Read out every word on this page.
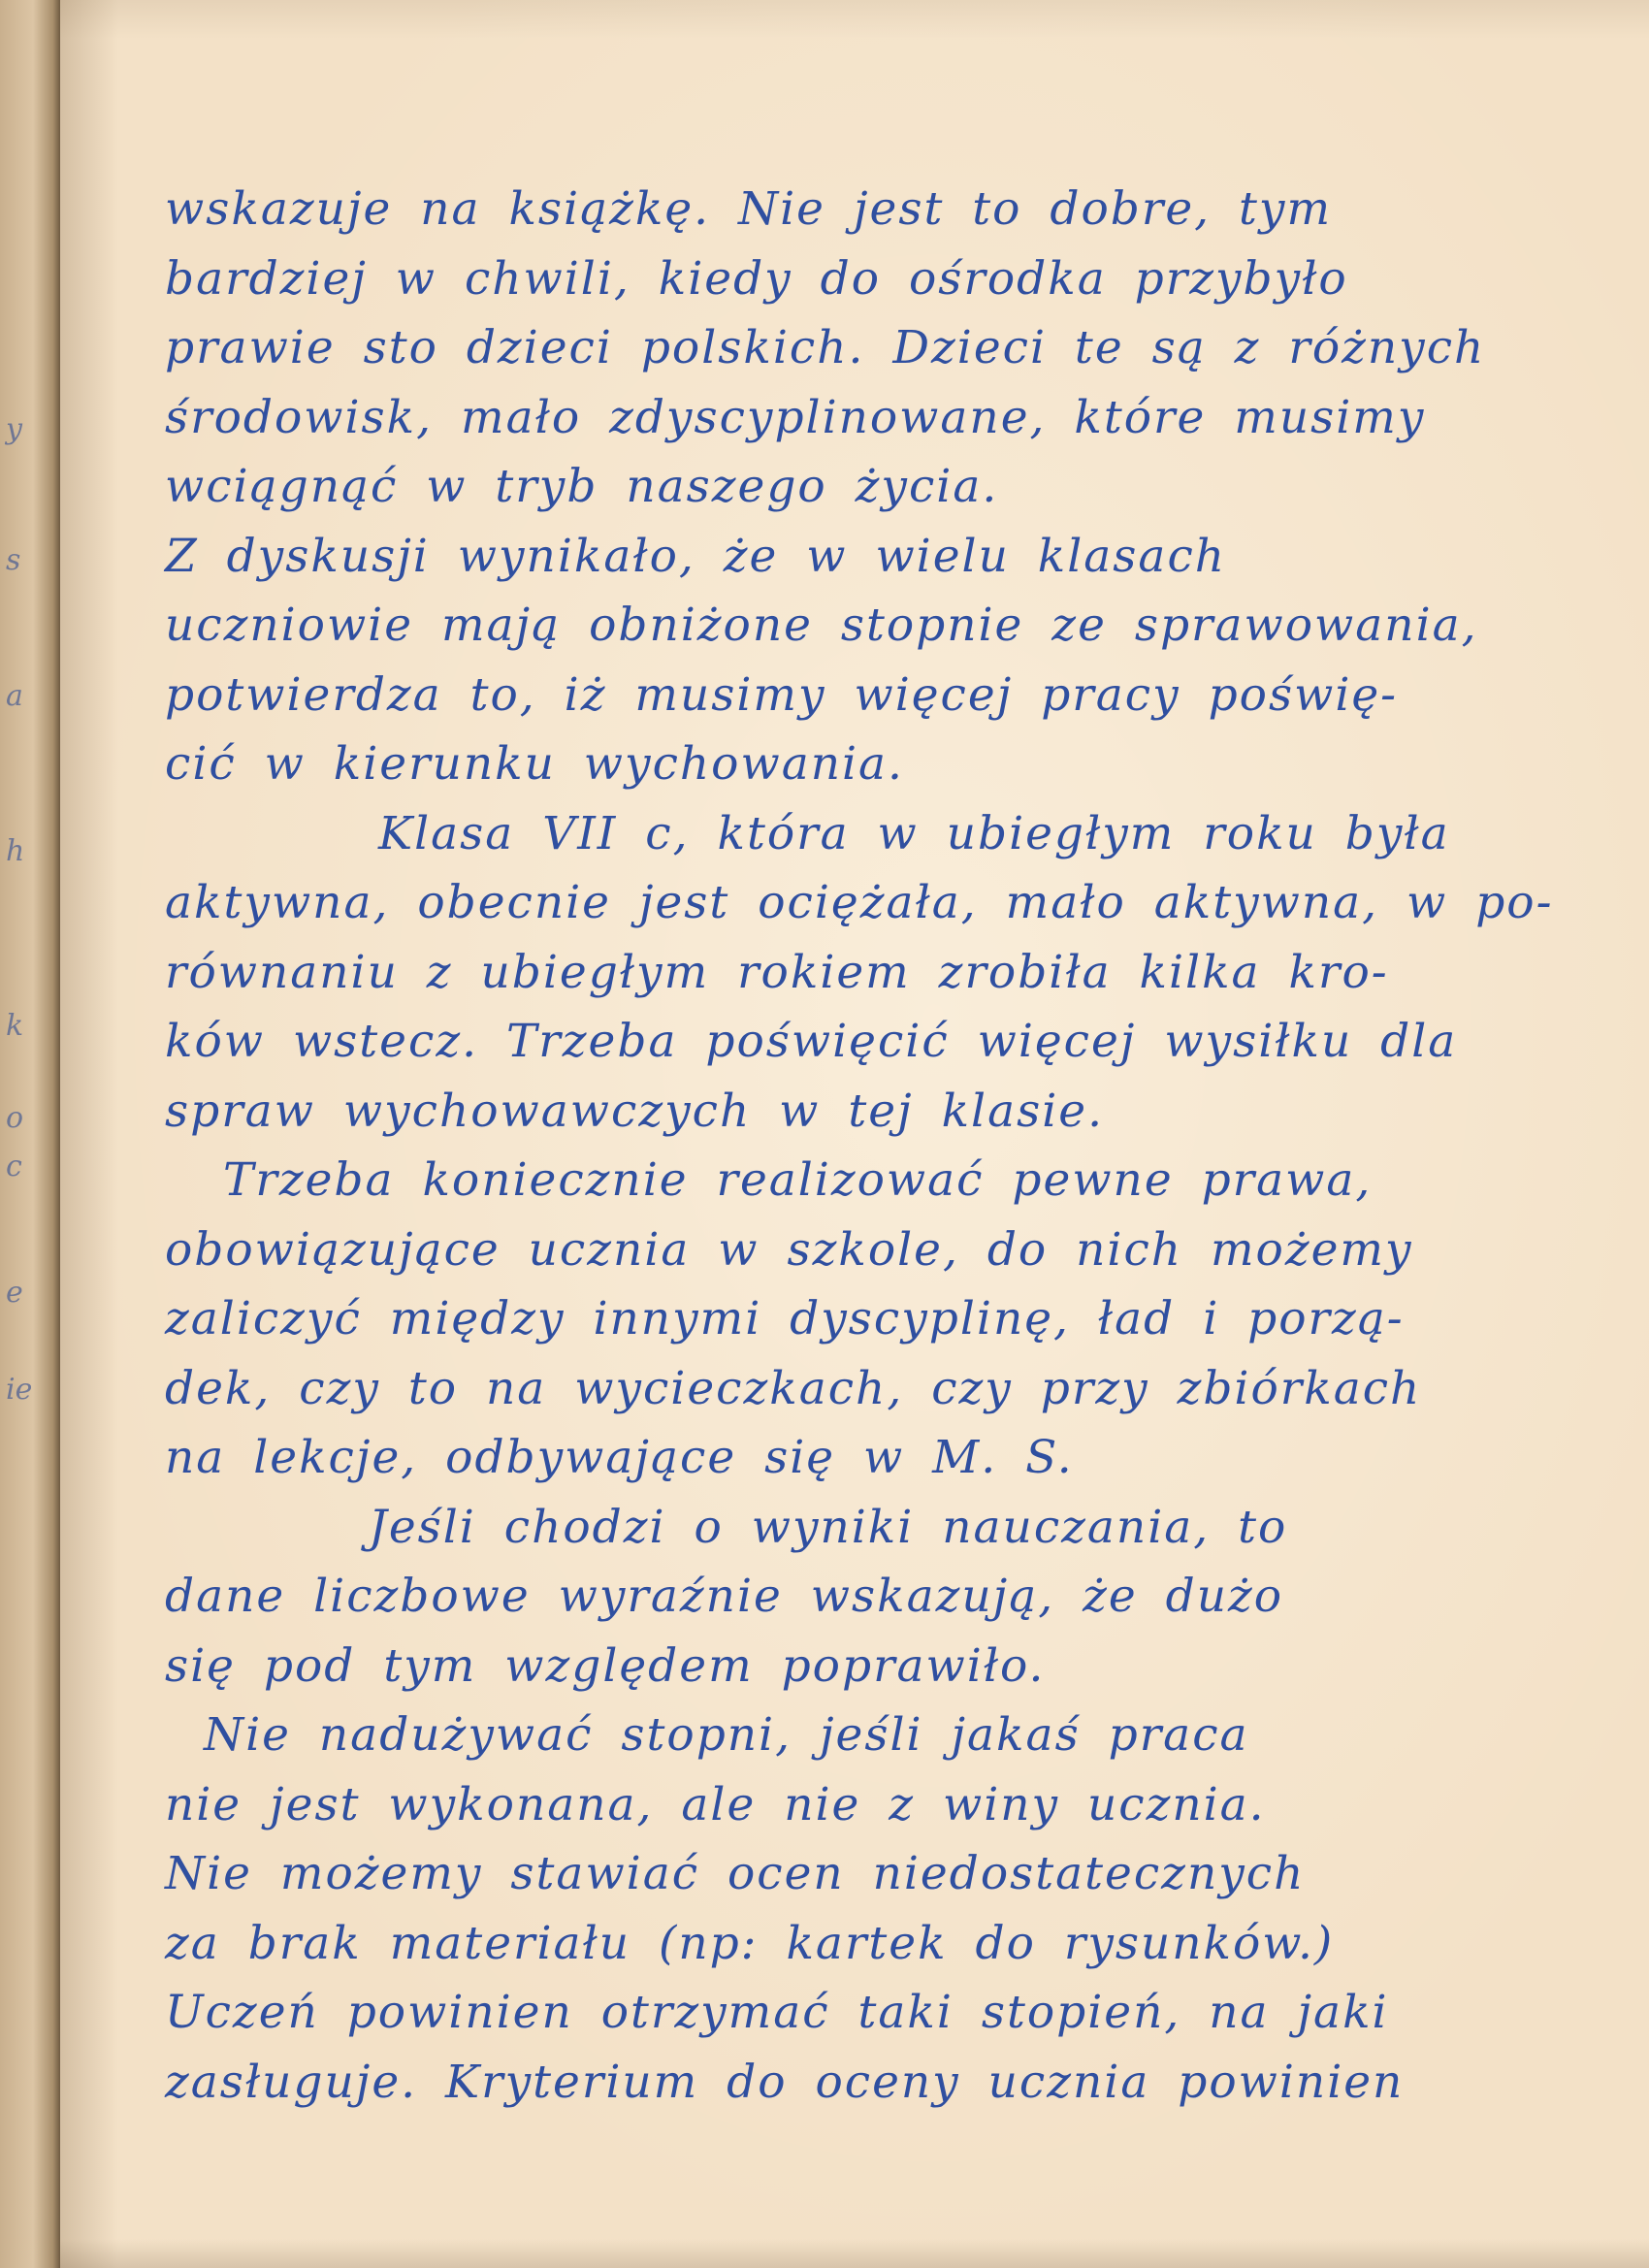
y
s
a
h
k
o
c
e
ie
wskazuje na książkę. Nie jest to dobre, tym
bardziej w chwili, kiedy do ośrodka przybyło
prawie sto dzieci polskich. Dzieci te są z różnych
środowisk, mało zdyscyplinowane, które musimy
wciągnąć w tryb naszego życia.
Z dyskusji wynikało, że w wielu klasach
uczniowie mają obniżone stopnie ze sprawowania,
potwierdza to, iż musimy więcej pracy poświę-
cić w kierunku wychowania.
Klasa VII c, która w ubiegłym roku była
aktywna, obecnie jest ociężała, mało aktywna, w po-
równaniu z ubiegłym rokiem zrobiła kilka kro-
ków wstecz. Trzeba poświęcić więcej wysiłku dla
spraw wychowawczych w tej klasie.
Trzeba koniecznie realizować pewne prawa,
obowiązujące ucznia w szkole, do nich możemy
zaliczyć między innymi dyscyplinę, ład i porzą-
dek, czy to na wycieczkach, czy przy zbiórkach
na lekcje, odbywające się w M. S.
Jeśli chodzi o wyniki nauczania, to
dane liczbowe wyraźnie wskazują, że dużo
się pod tym względem poprawiło.
Nie nadużywać stopni, jeśli jakaś praca
nie jest wykonana, ale nie z winy ucznia.
Nie możemy stawiać ocen niedostatecznych
za brak materiału (np: kartek do rysunków.)
Uczeń powinien otrzymać taki stopień, na jaki
zasługuje. Kryterium do oceny ucznia powinien
